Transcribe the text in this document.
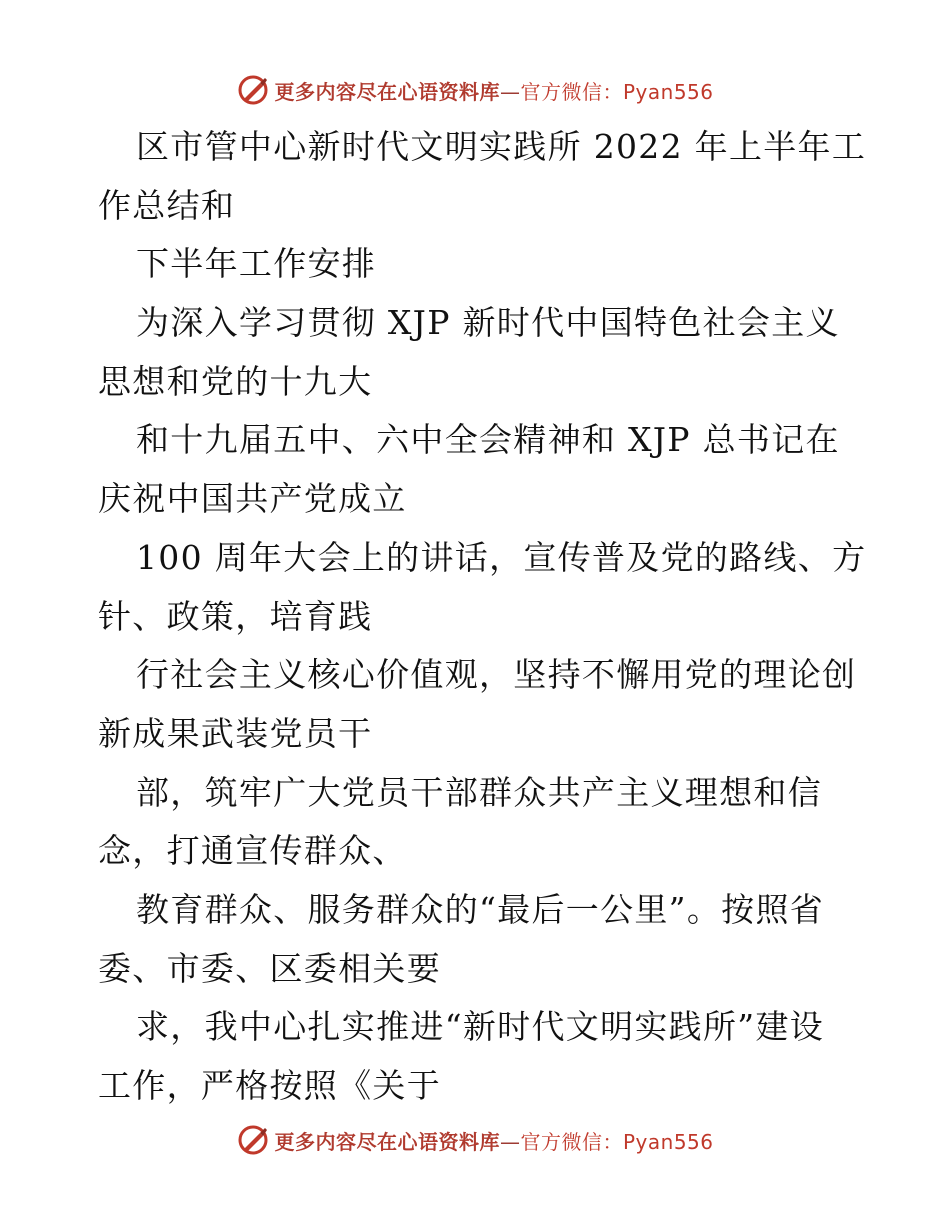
更多内容尽在心语资料库—官方微信：Pyan556
区市管中心新时代文明实践所 2022 年上半年工
作总结和
下半年工作安排
为深入学习贯彻 XJP 新时代中国特色社会主义
思想和党的十九大
和十九届五中、六中全会精神和 XJP 总书记在
庆祝中国共产党成立
100 周年大会上的讲话，宣传普及党的路线、方
针、政策，培育践
行社会主义核心价值观，坚持不懈用党的理论创
新成果武装党员干
部，筑牢广大党员干部群众共产主义理想和信
念，打通宣传群众、
教育群众、服务群众的“最后一公里”。按照省
委、市委、区委相关要
求，我中心扎实推进“新时代文明实践所”建设
工作，严格按照《关于
更多内容尽在心语资料库—官方微信：Pyan556
